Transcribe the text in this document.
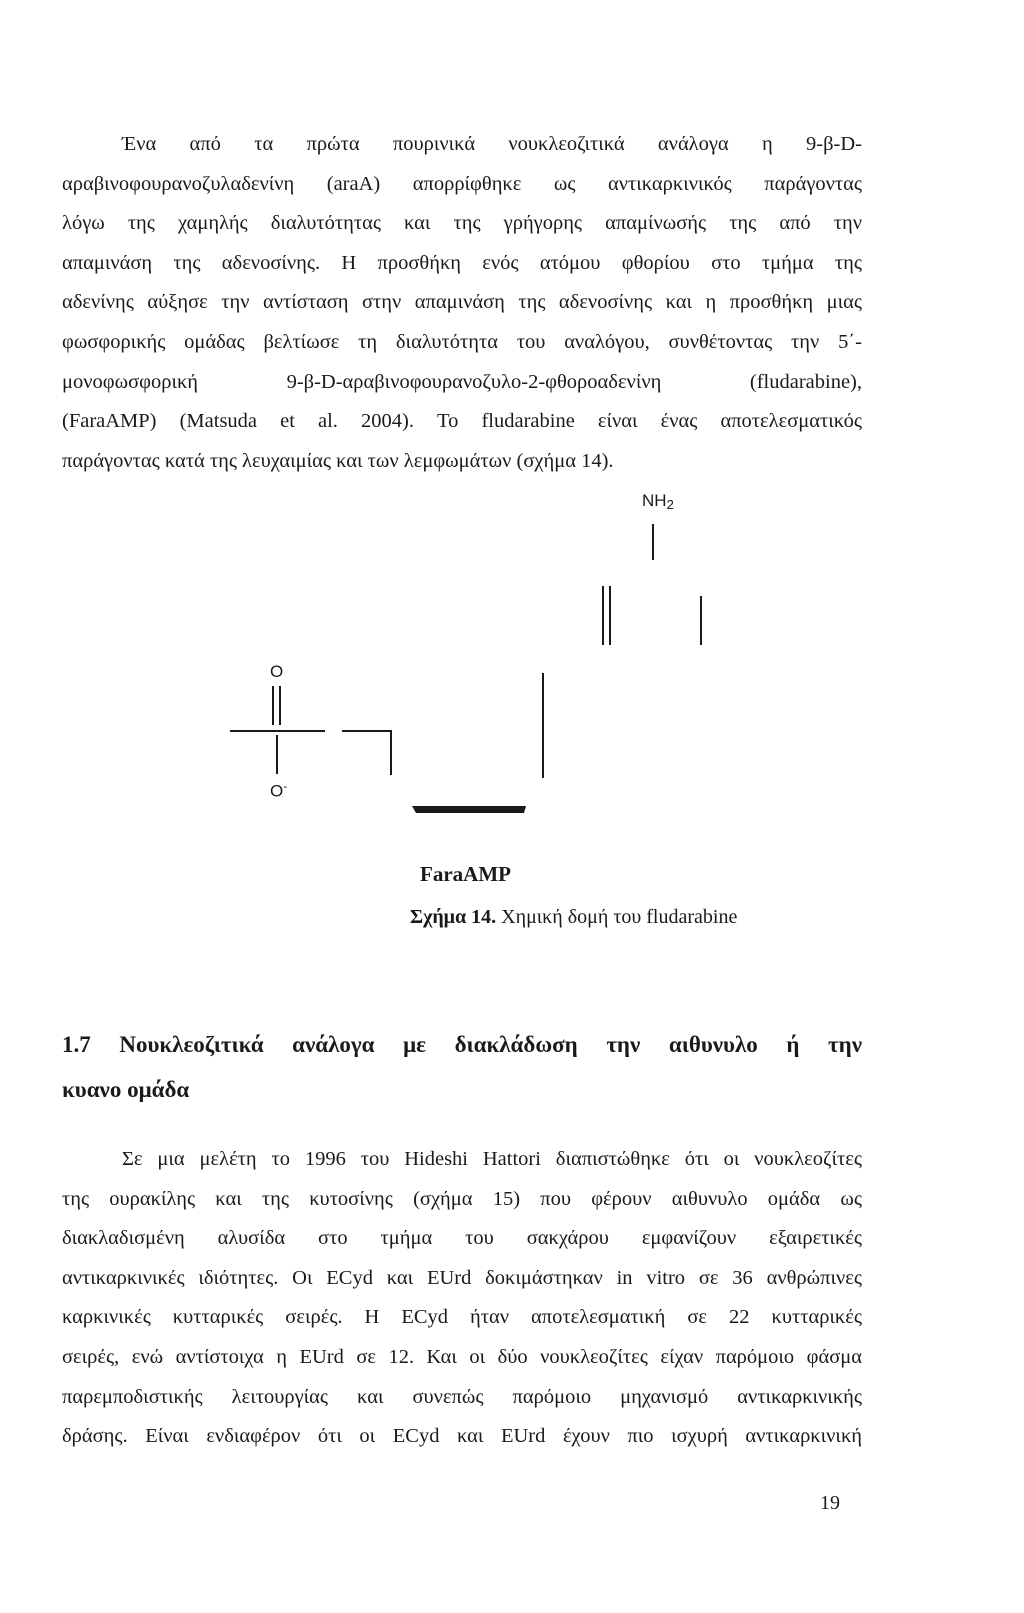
Ένα από τα πρώτα πουρινικά νουκλεοζιτικά ανάλογα η 9-β-D-
αραβινοφουρανοζυλαδενίνη (araA) απορρίφθηκε ως αντικαρκινικός παράγοντας
λόγω της χαμηλής διαλυτότητας και της γρήγορης απαμίνωσής της από την
απαμινάση της αδενοσίνης. Η προσθήκη ενός ατόμου φθορίου στο τμήμα της
αδενίνης αύξησε την αντίσταση στην απαμινάση της αδενοσίνης και η προσθήκη μιας
φωσφορικής ομάδας βελτίωσε τη διαλυτότητα του αναλόγου, συνθέτοντας την 5΄-
μονοφωσφορική 9-β-D-αραβινοφουρανοζυλο-2-φθοροαδενίνη (fludarabine),
(FaraAMP) (Matsuda et al. 2004). Το fludarabine είναι ένας αποτελεσματικός
παράγοντας κατά της λευχαιμίας και των λεμφωμάτων (σχήμα 14).
$NH_2$
O
O-
FaraAMP
Σχήμα 14. Χημική δομή του fludarabine
1.7 Νουκλεοζιτικά ανάλογα με διακλάδωση την αιθυνυλο ή την
κυανο ομάδα
Σε μια μελέτη το 1996 του Hideshi Hattori διαπιστώθηκε ότι οι νουκλεοζίτες
της ουρακίλης και της κυτοσίνης (σχήμα 15) που φέρουν αιθυνυλο ομάδα ως
διακλαδισμένη αλυσίδα στο τμήμα του σακχάρου εμφανίζουν εξαιρετικές
αντικαρκινικές ιδιότητες. Οι ECyd και EUrd δοκιμάστηκαν in vitro σε 36 ανθρώπινες
καρκινικές κυτταρικές σειρές. Η ECyd ήταν αποτελεσματική σε 22 κυτταρικές
σειρές, ενώ αντίστοιχα η EUrd σε 12. Και οι δύο νουκλεοζίτες είχαν παρόμοιο φάσμα
παρεμποδιστικής λειτουργίας και συνεπώς παρόμοιο μηχανισμό αντικαρκινικής
δράσης. Είναι ενδιαφέρον ότι οι ECyd και EUrd έχουν πιο ισχυρή αντικαρκινική
19
